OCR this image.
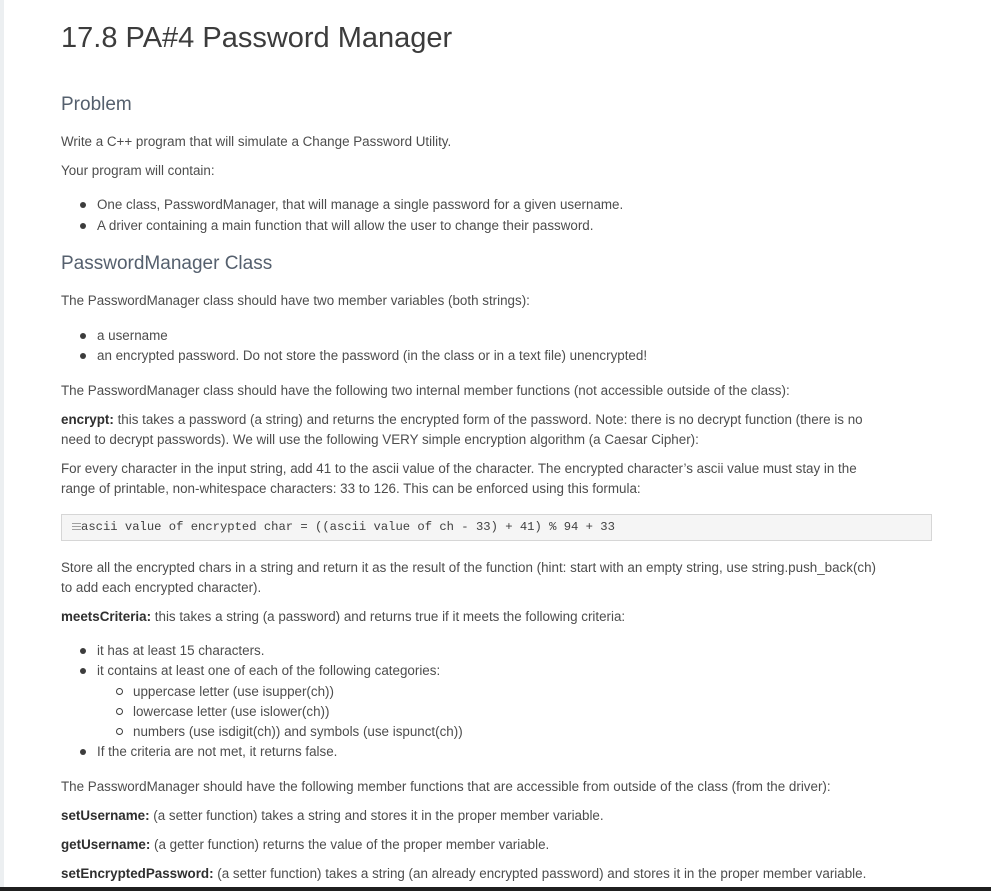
17.8 PA#4 Password Manager
Problem

Write a C++ program that will simulate a Change Password Utility.

Your program will contain:

One class, PasswordManager, that will manage a single password for a given username.
A driver containing a main function that will allow the user to change their password.
PasswordManager Class

The PasswordManager class should have two member variables (both strings):

a username
an encrypted password. Do not store the password (in the class or in a text file) unencrypted!

The PasswordManager class should have the following two internal member functions (not accessible outside of the class):

encrypt: this takes a password (a string) and returns the encrypted form of the password. Note: there is no decrypt function (there is no

need to decrypt passwords). We will use the following VERY simple encryption algorithm (a Caesar Cipher):

For every character in the input string, add 41 to the ascii value of the character. The encrypted character’s ascii value must stay in the

range of printable, non-whitespace characters: 33 to 126. This can be enforced using this formula:

ascii value of encrypted char = ((ascii value of ch - 33) + 41) % 94 + 33

Store all the encrypted chars in a string and return it as the result of the function (hint: start with an empty string, use string.push_back(ch)

to add each encrypted character).

meetsCriteria: this takes a string (a password) and returns true if it meets the following criteria:

it has at least 15 characters.
it contains at least one of each of the following categories:
uppercase letter (use isupper(ch))
lowercase letter (use islower(ch))
numbers (use isdigit(ch)) and symbols (use ispunct(ch))
If the criteria are not met, it returns false.

The PasswordManager should have the following member functions that are accessible from outside of the class (from the driver):

setUsername: (a setter function) takes a string and stores it in the proper member variable.

getUsername: (a getter function) returns the value of the proper member variable.

setEncryptedPassword: (a setter function) takes a string (an already encrypted password) and stores it in the proper member variable.
